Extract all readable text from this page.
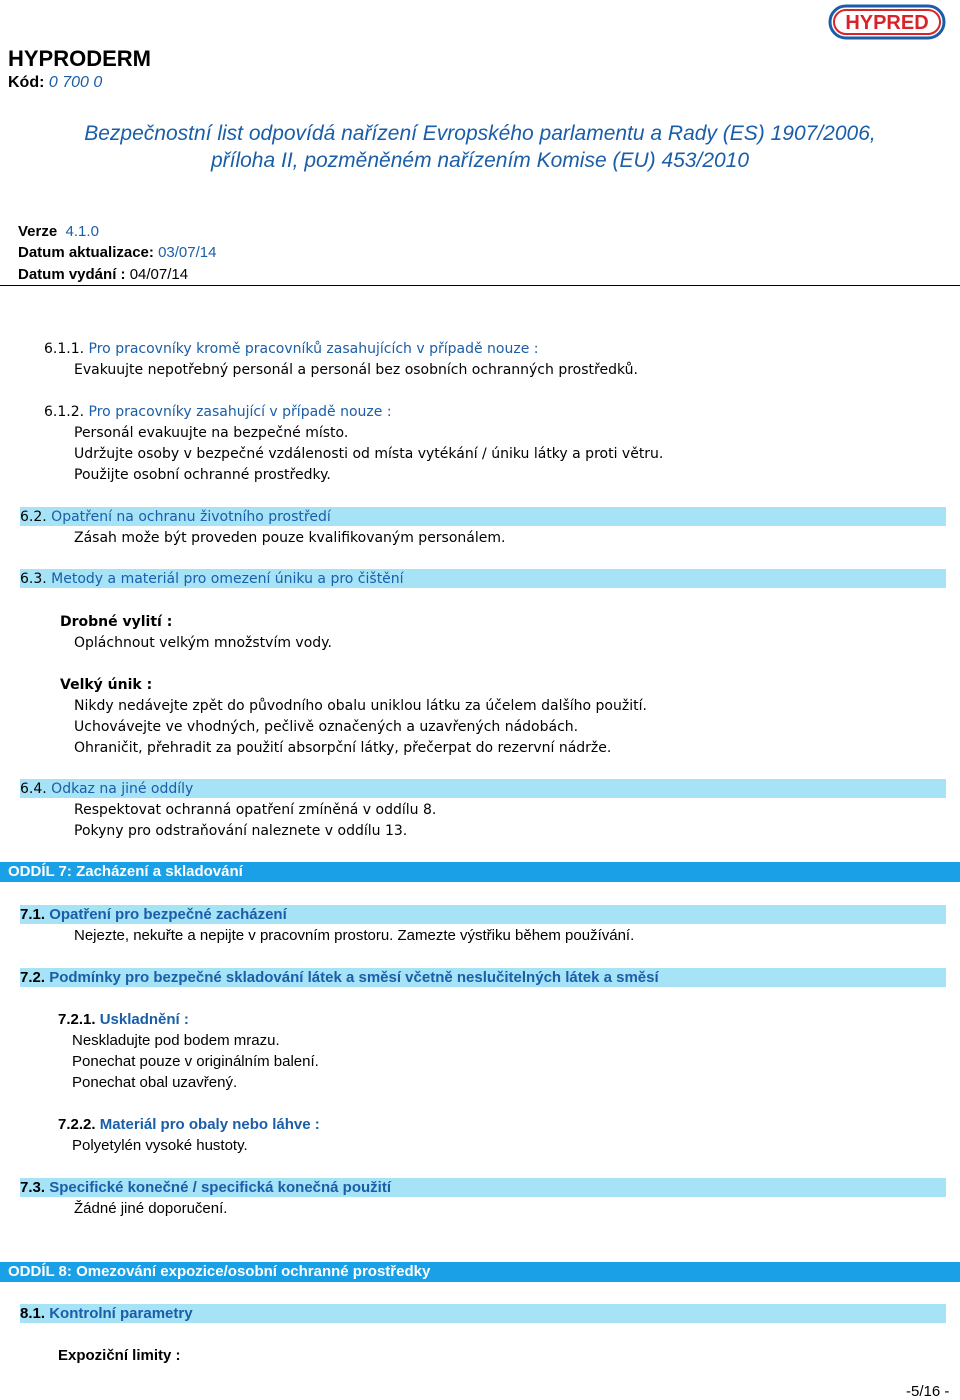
HYPRODERM
Kód: 0 700 0
HYPRED
Bezpečnostní list odpovídá nařízení Evropského parlamentu a Rady (ES) 1907/2006,
příloha II, pozměněném nařízením Komise (EU) 453/2010
Verze 4.1.0
Datum aktualizace: 03/07/14
Datum vydání : 04/07/14
6.1.1. Pro pracovníky kromě pracovníků zasahujících v případě nouze :
Evakuujte nepotřebný personál a personál bez osobních ochranných prostředků.
6.1.2. Pro pracovníky zasahující v případě nouze :
Personál evakuujte na bezpečné místo.
Udržujte osoby v bezpečné vzdálenosti od místa vytékání / úniku látky a proti větru.
Použijte osobní ochranné prostředky.
6.2. Opatření na ochranu životního prostředí
Zásah može být proveden pouze kvalifikovaným personálem.
6.3. Metody a materiál pro omezení úniku a pro čištění
Drobné vylití :
Opláchnout velkým množstvím vody.
Velký únik :
Nikdy nedávejte zpět do původního obalu uniklou látku za účelem dalšího použití.
Uchovávejte ve vhodných, pečlivě označených a uzavřených nádobách.
Ohraničit, přehradit za použití absorpční látky, přečerpat do rezervní nádrže.
6.4. Odkaz na jiné oddíly
Respektovat ochranná opatření zmíněná v oddílu 8.
Pokyny pro odstraňování naleznete v oddílu 13.
ODDÍL 7: Zacházení a skladování
7.1. Opatření pro bezpečné zacházení
Nejezte, nekuřte a nepijte v pracovním prostoru. Zamezte výstřiku během používání.
7.2. Podmínky pro bezpečné skladování látek a směsí včetně neslučitelných látek a směsí
7.2.1. Uskladnění :
Neskladujte pod bodem mrazu.
Ponechat pouze v originálním balení.
Ponechat obal uzavřený.
7.2.2. Materiál pro obaly nebo láhve :
Polyetylén vysoké hustoty.
7.3. Specifické konečné / specifická konečná použití
Žádné jiné doporučení.
ODDÍL 8: Omezování expozice/osobní ochranné prostředky
8.1. Kontrolní parametry
Expoziční limity :
-5/16 -
